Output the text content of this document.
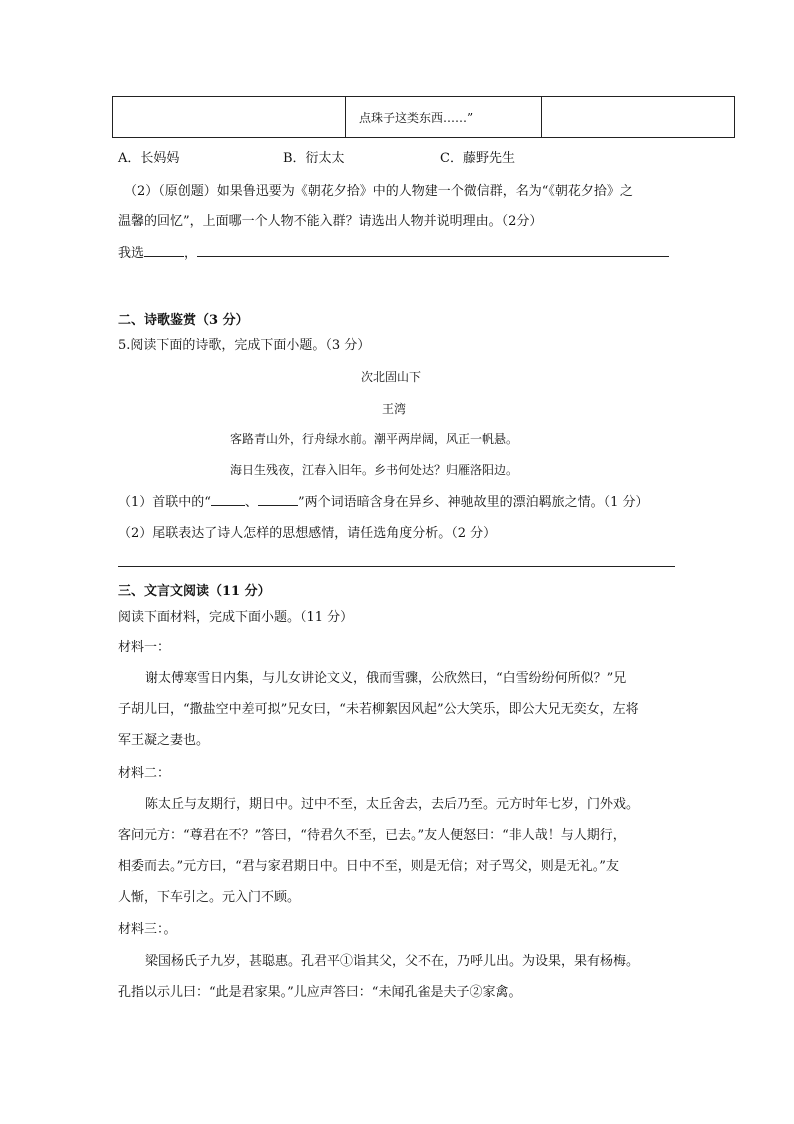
点珠子这类东西……”
A．长妈妈	B．衍太太	C．藤野先生
（2）（原创题）如果鲁迅要为《朝花夕拾》中的人物建一个微信群，名为“《朝花夕拾》之
温馨的回忆”，上面哪一个人物不能入群？请选出人物并说明理由。（2分）
我选	，
二、诗歌鉴赏（3 分）
5.阅读下面的诗歌，完成下面小题。（3 分）
次北固山下
王湾
客路青山外，行舟绿水前。潮平两岸阔，风正一帆悬。
海日生残夜，江春入旧年。乡书何处达？归雁洛阳边。
（1）首联中的“	、	”两个词语暗含身在异乡、神驰故里的漂泊羁旅之情。（1 分）
（2）尾联表达了诗人怎样的思想感情，请任选角度分析。（2 分）
三、文言文阅读（11 分）
阅读下面材料，完成下面小题。（11 分）
材料一：
谢太傅寒雪日内集，与儿女讲论文义，俄而雪骤，公欣然曰，“白雪纷纷何所似？”兄
子胡儿曰，“撒盐空中差可拟”兄女曰，“未若柳絮因风起”公大笑乐，即公大兄无奕女，左将
军王凝之妻也。
材料二：
陈太丘与友期行，期日中。过中不至，太丘舍去，去后乃至。元方时年七岁，门外戏。
客问元方：“尊君在不？”答曰，“待君久不至，已去。”友人便怒曰：“非人哉！与人期行，
相委而去。”元方曰，“君与家君期日中。日中不至，则是无信；对子骂父，则是无礼。”友
人惭，下车引之。元入门不顾。
材料三：。
梁国杨氏子九岁，甚聪惠。孔君平①诣其父，父不在，乃呼儿出。为设果，果有杨梅。
孔指以示儿曰：“此是君家果。”儿应声答曰：“未闻孔雀是夫子②家禽。
